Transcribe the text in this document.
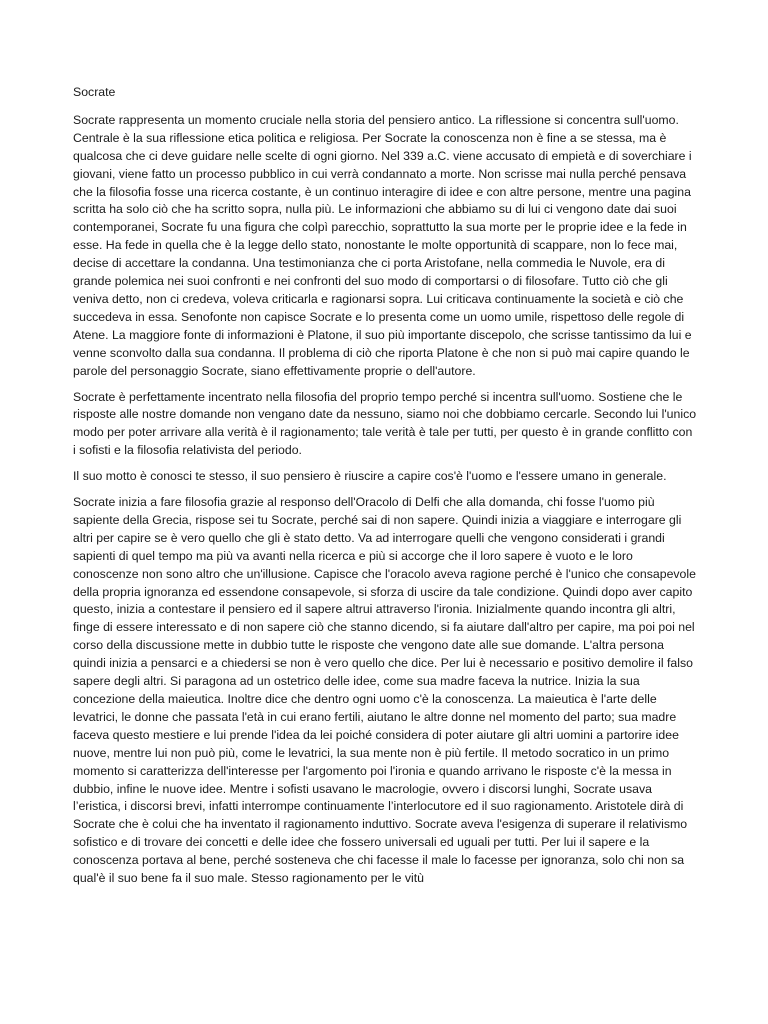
Socrate

Socrate rappresenta un momento cruciale nella storia del pensiero antico. La riflessione si concentra sull'uomo. Centrale è la sua riflessione etica politica e religiosa. Per Socrate la conoscenza non è fine a se stessa, ma è qualcosa che ci deve guidare nelle scelte di ogni giorno. Nel 339 a.C. viene accusato di empietà e di soverchiare i giovani, viene fatto un processo pubblico in cui verrà condannato a morte. Non scrisse mai nulla perché pensava che la filosofia fosse una ricerca costante, è un continuo interagire di idee e con altre persone, mentre una pagina scritta ha solo ciò che ha scritto sopra, nulla più. Le informazioni che abbiamo su di lui ci vengono date dai suoi contemporanei, Socrate fu una figura che colpì parecchio, soprattutto la sua morte per le proprie idee e la fede in esse. Ha fede in quella che è la legge dello stato, nonostante le molte opportunità di scappare, non lo fece mai, decise di accettare la condanna. Una testimonianza che ci porta Aristofane, nella commedia le Nuvole, era di grande polemica nei suoi confronti e nei confronti del suo modo di comportarsi o di filosofare. Tutto ciò che gli veniva detto, non ci credeva, voleva criticarla e ragionarsi sopra. Lui criticava continuamente la società e ciò che succedeva in essa. Senofonte non capisce Socrate e lo presenta come un uomo umile, rispettoso delle regole di Atene. La maggiore fonte di informazioni è Platone, il suo più importante discepolo, che scrisse tantissimo da lui e venne sconvolto dalla sua condanna. Il problema di ciò che riporta Platone è che non si può mai capire quando le parole del personaggio Socrate, siano effettivamente proprie o dell'autore.

Socrate è perfettamente incentrato nella filosofia del proprio tempo perché si incentra sull'uomo. Sostiene che le risposte alle nostre domande non vengano date da nessuno, siamo noi che dobbiamo cercarle. Secondo lui l'unico modo per poter arrivare alla verità è il ragionamento; tale verità è tale per tutti, per questo è in grande conflitto con i sofisti e la filosofia relativista del periodo.

Il suo motto è conosci te stesso, il suo pensiero è riuscire a capire cos'è l'uomo e l'essere umano in generale.

Socrate inizia a fare filosofia grazie al responso dell'Oracolo di Delfi che alla domanda, chi fosse l'uomo più sapiente della Grecia, rispose sei tu Socrate, perché sai di non sapere. Quindi inizia a viaggiare e interrogare gli altri per capire se è vero quello che gli è stato detto. Va ad interrogare quelli che vengono considerati i grandi sapienti di quel tempo ma più va avanti nella ricerca e più si accorge che il loro sapere è vuoto e le loro conoscenze non sono altro che un'illusione. Capisce che l'oracolo aveva ragione perché è l'unico che consapevole della propria ignoranza ed essendone consapevole, si sforza di uscire da tale condizione. Quindi dopo aver capito questo, inizia a contestare il pensiero ed il sapere altrui attraverso l'ironia. Inizialmente quando incontra gli altri, finge di essere interessato e di non sapere ciò che stanno dicendo, si fa aiutare dall'altro per capire, ma poi poi nel corso della discussione mette in dubbio tutte le risposte che vengono date alle sue domande. L'altra persona quindi inizia a pensarci e a chiedersi se non è vero quello che dice. Per lui è necessario e positivo demolire il falso sapere degli altri. Si paragona ad un ostetrico delle idee, come sua madre faceva la nutrice. Inizia la sua concezione della maieutica. Inoltre dice che dentro ogni uomo c'è la conoscenza. La maieutica è l'arte delle levatrici, le donne che passata l'età in cui erano fertili, aiutano le altre donne nel momento del parto; sua madre faceva questo mestiere e lui prende l'idea da lei poiché considera di poter aiutare gli altri uomini a partorire idee nuove, mentre lui non può più, come le levatrici, la sua mente non è più fertile. Il metodo socratico in un primo momento si caratterizza dell'interesse per l'argomento poi l'ironia e quando arrivano le risposte c'è la messa in dubbio, infine le nuove idee. Mentre i sofisti usavano le macrologie, ovvero i discorsi lunghi, Socrate usava l’eristica, i discorsi brevi, infatti interrompe continuamente l’interlocutore ed il suo ragionamento. Aristotele dirà di Socrate che è colui che ha inventato il ragionamento induttivo. Socrate aveva l'esigenza di superare il relativismo sofistico e di trovare dei concetti e delle idee che fossero universali ed uguali per tutti. Per lui il sapere e la conoscenza portava al bene, perché sosteneva che chi facesse il male lo facesse per ignoranza, solo chi non sa qual'è il suo bene fa il suo male. Stesso ragionamento per le vitù
